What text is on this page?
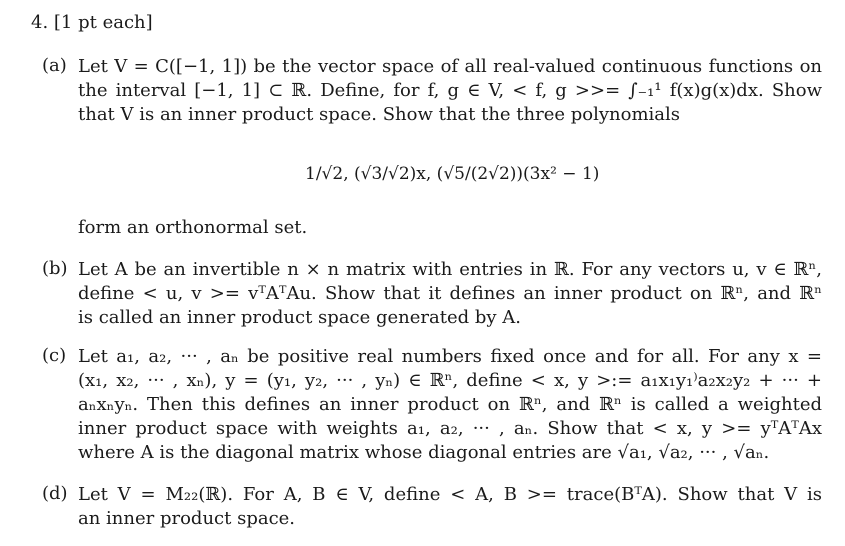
4. [1 pt each]
(a) Let V = C([−1, 1]) be the vector space of all real-valued continuous functions on
the interval [−1, 1] ⊂ ℝ. Define, for f, g ∈ V, < f, g >>= ∫₋₁¹ f(x)g(x)dx. Show
that V is an inner product space. Show that the three polynomials
1/√2, (√3/√2)x, (√5/(2√2))(3x² − 1)
form an orthonormal set.
(b) Let A be an invertible n × n matrix with entries in ℝ. For any vectors u, v ∈ ℝⁿ,
define < u, v >= vᵀAᵀAu. Show that it defines an inner product on ℝⁿ, and ℝⁿ
is called an inner product space generated by A.
(c) Let a₁, a₂, ··· , aₙ be positive real numbers fixed once and for all. For any x =
(x₁, x₂, ··· , xₙ), y = (y₁, y₂, ··· , yₙ) ∈ ℝⁿ, define < x, y >:= a₁x₁y₁⁾a₂x₂y₂ + ··· +
aₙxₙyₙ. Then this defines an inner product on ℝⁿ, and ℝⁿ is called a weighted
inner product space with weights a₁, a₂, ··· , aₙ. Show that < x, y >= yᵀAᵀAx
where A is the diagonal matrix whose diagonal entries are √a₁, √a₂, ··· , √aₙ.
(d) Let V = M₂₂(ℝ). For A, B ∈ V, define < A, B >= trace(BᵀA). Show that V is
an inner product space.
